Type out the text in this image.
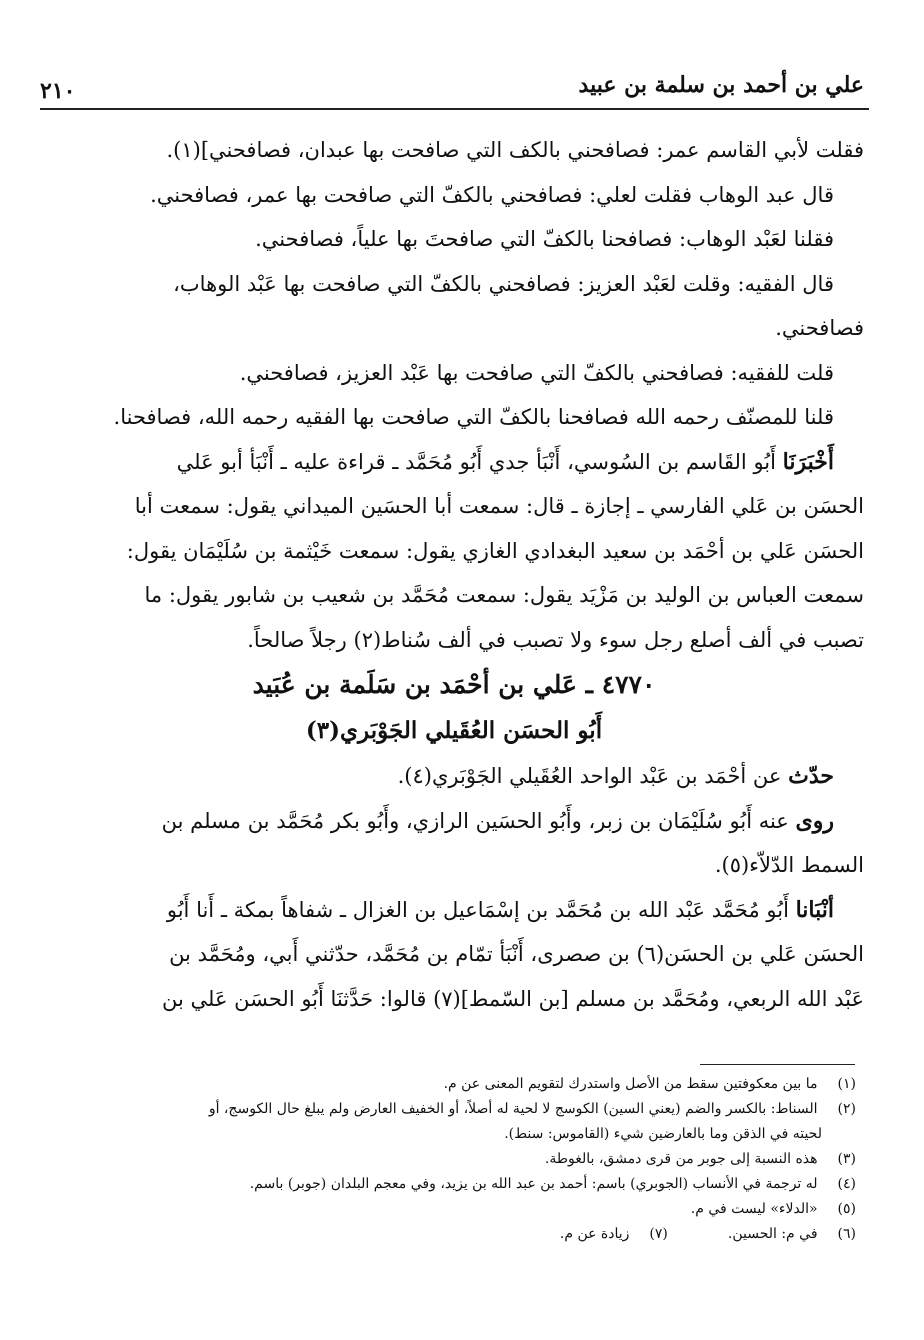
علي بن أحمد بن سلمة بن عبيد
٢١٠
فقلت لأبي القاسم عمر: فصافحني بالكف التي صافحت بها عبدان، فصافحني](١).
قال عبد الوهاب فقلت لعلي: فصافحني بالكفّ التي صافحت بها عمر، فصافحني.
فقلنا لعَبْد الوهاب: فصافحنا بالكفّ التي صافحتَ بها علياً، فصافحني.
قال الفقيه: وقلت لعَبْد العزيز: فصافحني بالكفّ التي صافحت بها عَبْد الوهاب،
فصافحني.
قلت للفقيه: فصافحني بالكفّ التي صافحت بها عَبْد العزيز، فصافحني.
قلنا للمصنّف رحمه الله فصافحنا بالكفّ التي صافحت بها الفقيه رحمه الله، فصافحنا.
أَخْبَرَنَا أَبُو القَاسم بن السُوسي، أَنْبَأ جدي أَبُو مُحَمَّد ـ قراءة عليه ـ أَنْبَأ أبو عَلي
الحسَن بن عَلي الفارسي ـ إجازة ـ قال: سمعت أبا الحسَين الميداني يقول: سمعت أبا
الحسَن عَلي بن أحْمَد بن سعيد البغدادي الغازي يقول: سمعت خَيْثمة بن سُلَيْمَان يقول:
سمعت العباس بن الوليد بن مَزْيَد يقول: سمعت مُحَمَّد بن شعيب بن شابور يقول: ما
تصبب في ألف أصلع رجل سوء ولا تصبب في ألف سُناط(٢) رجلاً صالحاً.
٤٧٧٠ ـ عَلي بن أحْمَد بن سَلَمة بن عُبَيد
أَبُو الحسَن العُقَيلي الجَوْبَري(٣)
حدّث عن أحْمَد بن عَبْد الواحد العُقَيلي الجَوْبَري(٤).
روى عنه أَبُو سُلَيْمَان بن زبر، وأَبُو الحسَين الرازي، وأَبُو بكر مُحَمَّد بن مسلم بن
السمط الدّلاّء(٥).
أنْبَانا أَبُو مُحَمَّد عَبْد الله بن مُحَمَّد بن إسْمَاعيل بن الغزال ـ شفاهاً بمكة ـ أَنا أَبُو
الحسَن عَلي بن الحسَن(٦) بن صصرى، أَنْبَأ تمّام بن مُحَمَّد، حدّثني أَبي، ومُحَمَّد بن
عَبْد الله الربعي، ومُحَمَّد بن مسلم [بن السّمط](٧) قالوا: حَدَّثنَا أَبُو الحسَن عَلي بن
(١) ما بين معكوفتين سقط من الأصل واستدرك لتقويم المعنى عن م.
(٢) السناط: بالكسر والضم (يعني السين) الكوسج لا لحية له أصلاً، أو الخفيف العارض ولم يبلغ حال الكوسج، أو
لحيته في الذقن وما بالعارضين شيء (القاموس: سنط).
(٣) هذه النسبة إلى جوبر من قرى دمشق، بالغوطة.
(٤) له ترجمة في الأنساب (الجوبري) باسم: أحمد بن عبد الله بن يزيد، وفي معجم البلدان (جوبر) باسم.
(٥) «الدلاء» ليست في م.
(٦) في م: الحسين.
(٧) زيادة عن م.
